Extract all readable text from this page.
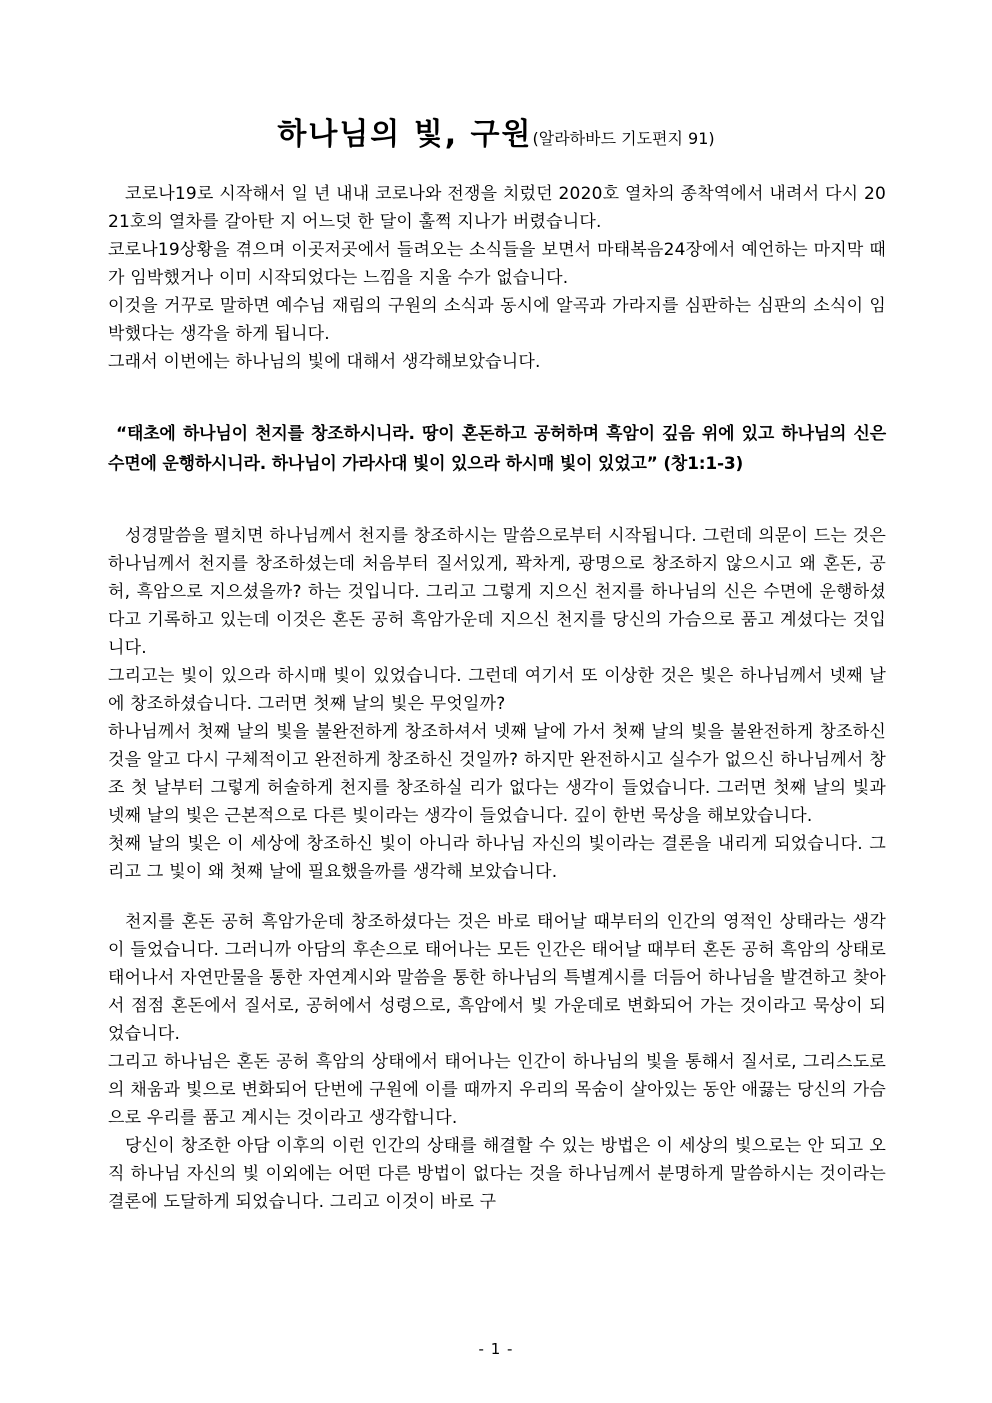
하나님의 빛, 구원(알라하바드 기도편지 91)

코로나19로 시작해서 일 년 내내 코로나와 전쟁을 치렀던 2020호 열차의 종착역에서 내려서 다시 2021호의 열차를 갈아탄 지 어느덧 한 달이 훌쩍 지나가 버렸습니다.

코로나19상황을 겪으며 이곳저곳에서 들려오는 소식들을 보면서 마태복음24장에서 예언하는 마지막 때가 임박했거나 이미 시작되었다는 느낌을 지울 수가 없습니다.

이것을 거꾸로 말하면 예수님 재림의 구원의 소식과 동시에 알곡과 가라지를 심판하는 심판의 소식이 임박했다는 생각을 하게 됩니다.

그래서 이번에는 하나님의 빛에 대해서 생각해보았습니다.

“태초에 하나님이 천지를 창조하시니라. 땅이 혼돈하고 공허하며 흑암이 깊음 위에 있고 하나님의 신은 수면에 운행하시니라. 하나님이 가라사대 빛이 있으라 하시매 빛이 있었고” (창1:1-3)

성경말씀을 펼치면 하나님께서 천지를 창조하시는 말씀으로부터 시작됩니다. 그런데 의문이 드는 것은 하나님께서 천지를 창조하셨는데 처음부터 질서있게, 꽉차게, 광명으로 창조하지 않으시고 왜 혼돈, 공허, 흑암으로 지으셨을까? 하는 것입니다. 그리고 그렇게 지으신 천지를 하나님의 신은 수면에 운행하셨다고 기록하고 있는데 이것은 혼돈 공허 흑암가운데 지으신 천지를 당신의 가슴으로 품고 계셨다는 것입니다.

그리고는 빛이 있으라 하시매 빛이 있었습니다. 그런데 여기서 또 이상한 것은 빛은 하나님께서 넷째 날에 창조하셨습니다. 그러면 첫째 날의 빛은 무엇일까?

하나님께서 첫째 날의 빛을 불완전하게 창조하셔서 넷째 날에 가서 첫째 날의 빛을 불완전하게 창조하신 것을 알고 다시 구체적이고 완전하게 창조하신 것일까? 하지만 완전하시고 실수가 없으신 하나님께서 창조 첫 날부터 그렇게 허술하게 천지를 창조하실 리가 없다는 생각이 들었습니다. 그러면 첫째 날의 빛과 넷째 날의 빛은 근본적으로 다른 빛이라는 생각이 들었습니다. 깊이 한번 묵상을 해보았습니다.

첫째 날의 빛은 이 세상에 창조하신 빛이 아니라 하나님 자신의 빛이라는 결론을 내리게 되었습니다. 그리고 그 빛이 왜 첫째 날에 필요했을까를 생각해 보았습니다.

천지를 혼돈 공허 흑암가운데 창조하셨다는 것은 바로 태어날 때부터의 인간의 영적인 상태라는 생각이 들었습니다. 그러니까 아담의 후손으로 태어나는 모든 인간은 태어날 때부터 혼돈 공허 흑암의 상태로 태어나서 자연만물을 통한 자연계시와 말씀을 통한 하나님의 특별계시를 더듬어 하나님을 발견하고 찾아서 점점 혼돈에서 질서로, 공허에서 성령으로, 흑암에서 빛 가운데로 변화되어 가는 것이라고 묵상이 되었습니다.

그리고 하나님은 혼돈 공허 흑암의 상태에서 태어나는 인간이 하나님의 빛을 통해서 질서로, 그리스도로의 채움과 빛으로 변화되어 단번에 구원에 이를 때까지 우리의 목숨이 살아있는 동안 애끓는 당신의 가슴으로 우리를 품고 계시는 것이라고 생각합니다.

당신이 창조한 아담 이후의 이런 인간의 상태를 해결할 수 있는 방법은 이 세상의 빛으로는 안 되고 오직 하나님 자신의 빛 이외에는 어떤 다른 방법이 없다는 것을 하나님께서 분명하게 말씀하시는 것이라는 결론에 도달하게 되었습니다. 그리고 이것이 바로 구

- 1 -
